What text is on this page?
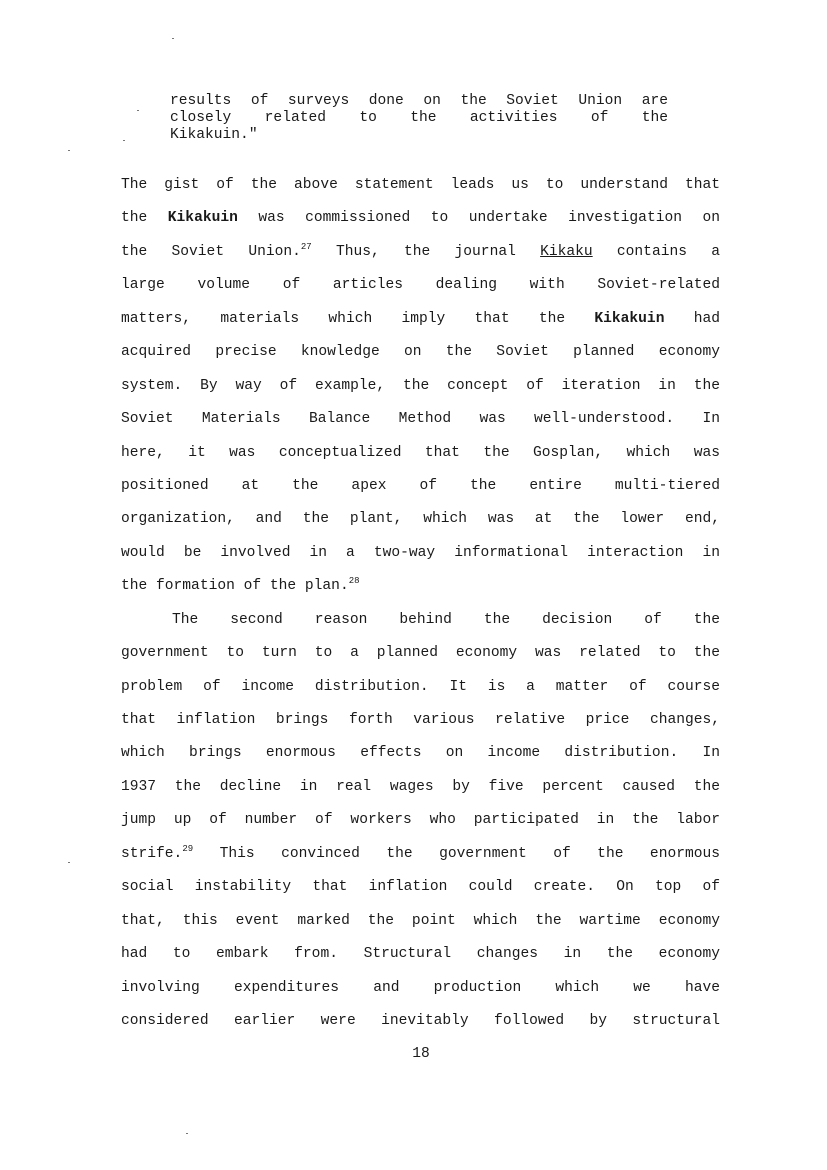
results of surveys done on the Soviet Union are
closely related to the activities of the
Kikakuin."
The gist of the above statement leads us to understand that
the Kikakuin was commissioned to undertake investigation on
the Soviet Union.$^{27}$ Thus, the journal Kikaku contains a
large volume of articles dealing with Soviet-related
matters, materials which imply that the Kikakuin had
acquired precise knowledge on the Soviet planned economy
system. By way of example, the concept of iteration in the
Soviet Materials Balance Method was well-understood. In
here, it was conceptualized that the Gosplan, which was
positioned at the apex of the entire multi-tiered
organization, and the plant, which was at the lower end,
would be involved in a two-way informational interaction in
the formation of the plan.$^{28}$
The second reason behind the decision of the
government to turn to a planned economy was related to the
problem of income distribution. It is a matter of course
that inflation brings forth various relative price changes,
which brings enormous effects on income distribution. In
1937 the decline in real wages by five percent caused the
jump up of number of workers who participated in the labor
strife.$^{29}$ This convinced the government of the enormous
social instability that inflation could create. On top of
that, this event marked the point which the wartime economy
had to embark from. Structural changes in the economy
involving expenditures and production which we have
considered earlier were inevitably followed by structural
18
